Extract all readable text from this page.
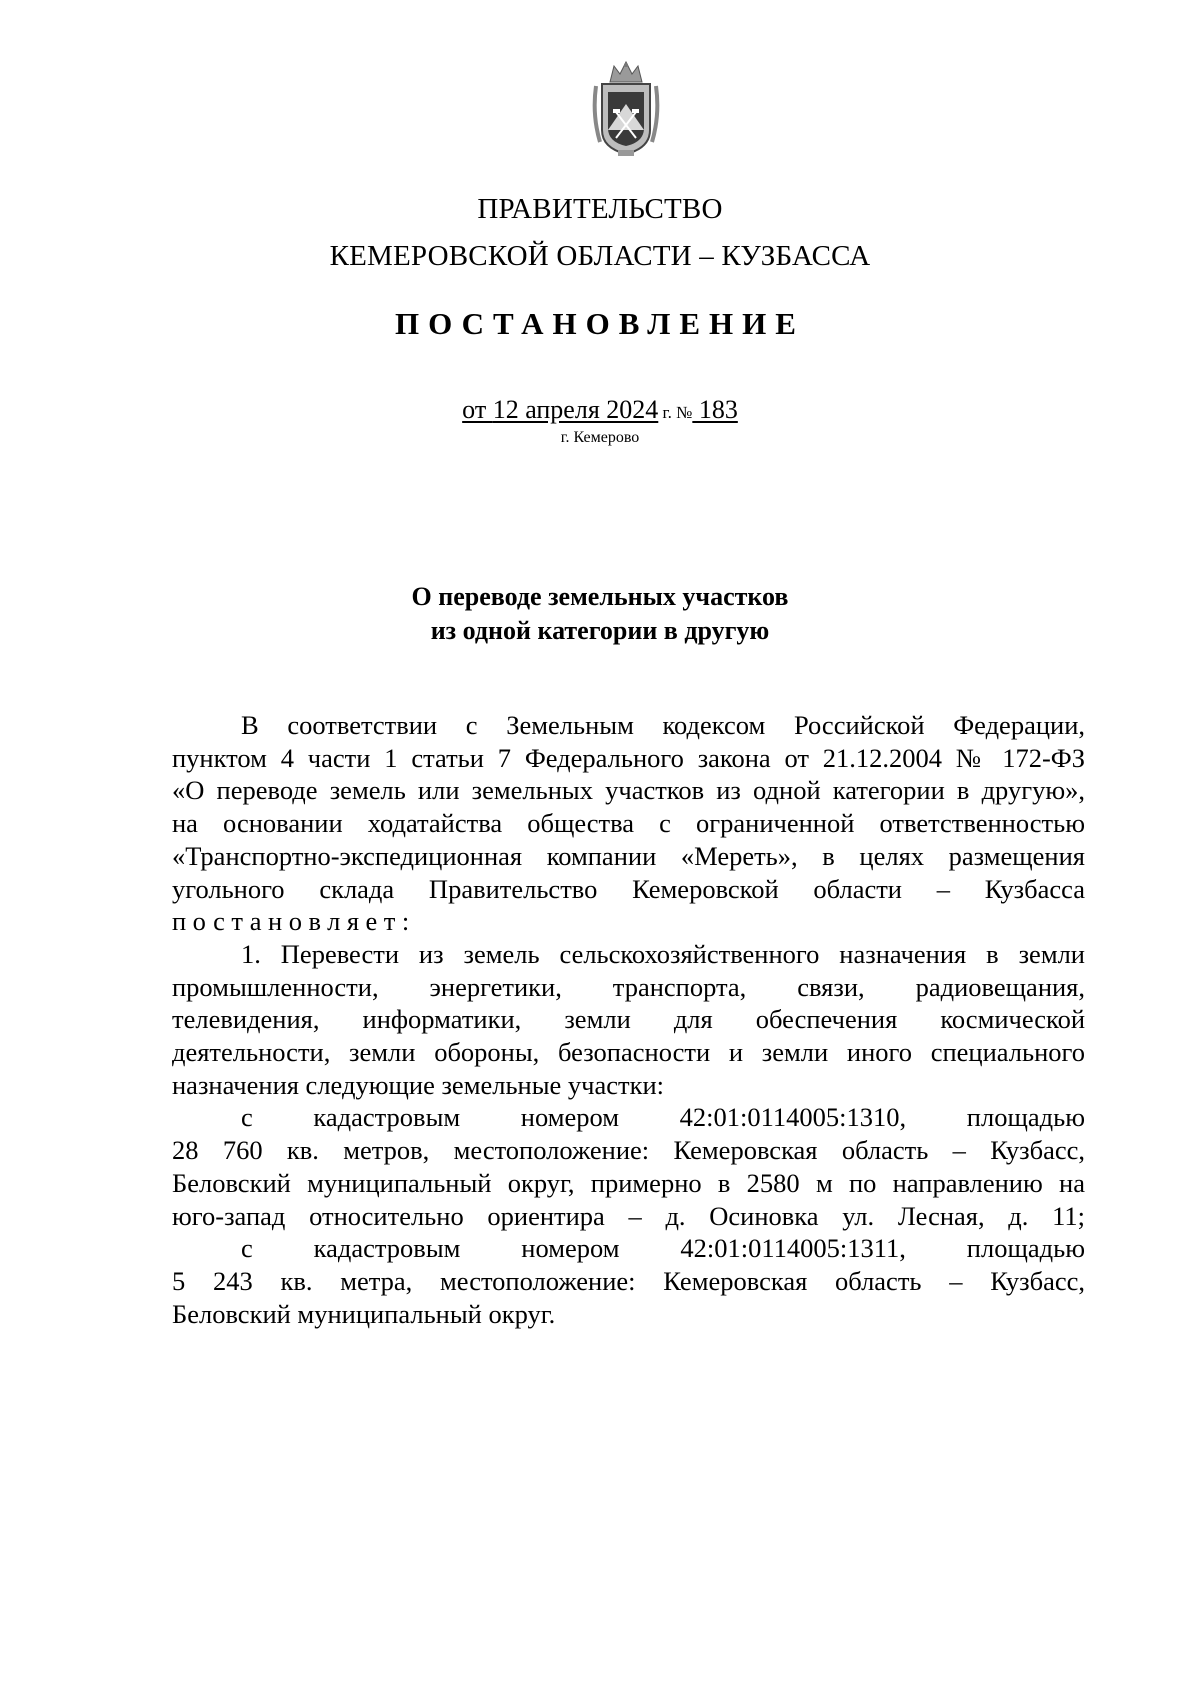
ПРАВИТЕЛЬСТВО
КЕМЕРОВСКОЙ ОБЛАСТИ – КУЗБАССА
ПОСТАНОВЛЕНИЕ
от 12 апреля 2024 г. № 183
г. Кемерово
О переводе земельных участков
из одной категории в другую

В соответствии с Земельным кодексом Российской Федерации,

пунктом 4 части 1 статьи 7 Федерального закона от 21.12.2004 № 172-ФЗ

«О переводе земель или земельных участков из одной категории в другую»,

на основании ходатайства общества с ограниченной ответственностью

«Транспортно-экспедиционная компании «Мереть», в целях размещения

угольного склада Правительство Кемеровской области – Кузбасса

постановляет:

1. Перевести из земель сельскохозяйственного назначения в земли

промышленности, энергетики, транспорта, связи, радиовещания,

телевидения, информатики, земли для обеспечения космической

деятельности, земли обороны, безопасности и земли иного специального

назначения следующие земельные участки:

с кадастровым номером 42:01:0114005:1310, площадью

28 760 кв. метров, местоположение: Кемеровская область – Кузбасс,

Беловский муниципальный округ, примерно в 2580 м по направлению на

юго-запад относительно ориентира – д. Осиновка ул. Лесная, д. 11;

с кадастровым номером 42:01:0114005:1311, площадью

5 243 кв. метра, местоположение: Кемеровская область – Кузбасс,

Беловский муниципальный округ.
